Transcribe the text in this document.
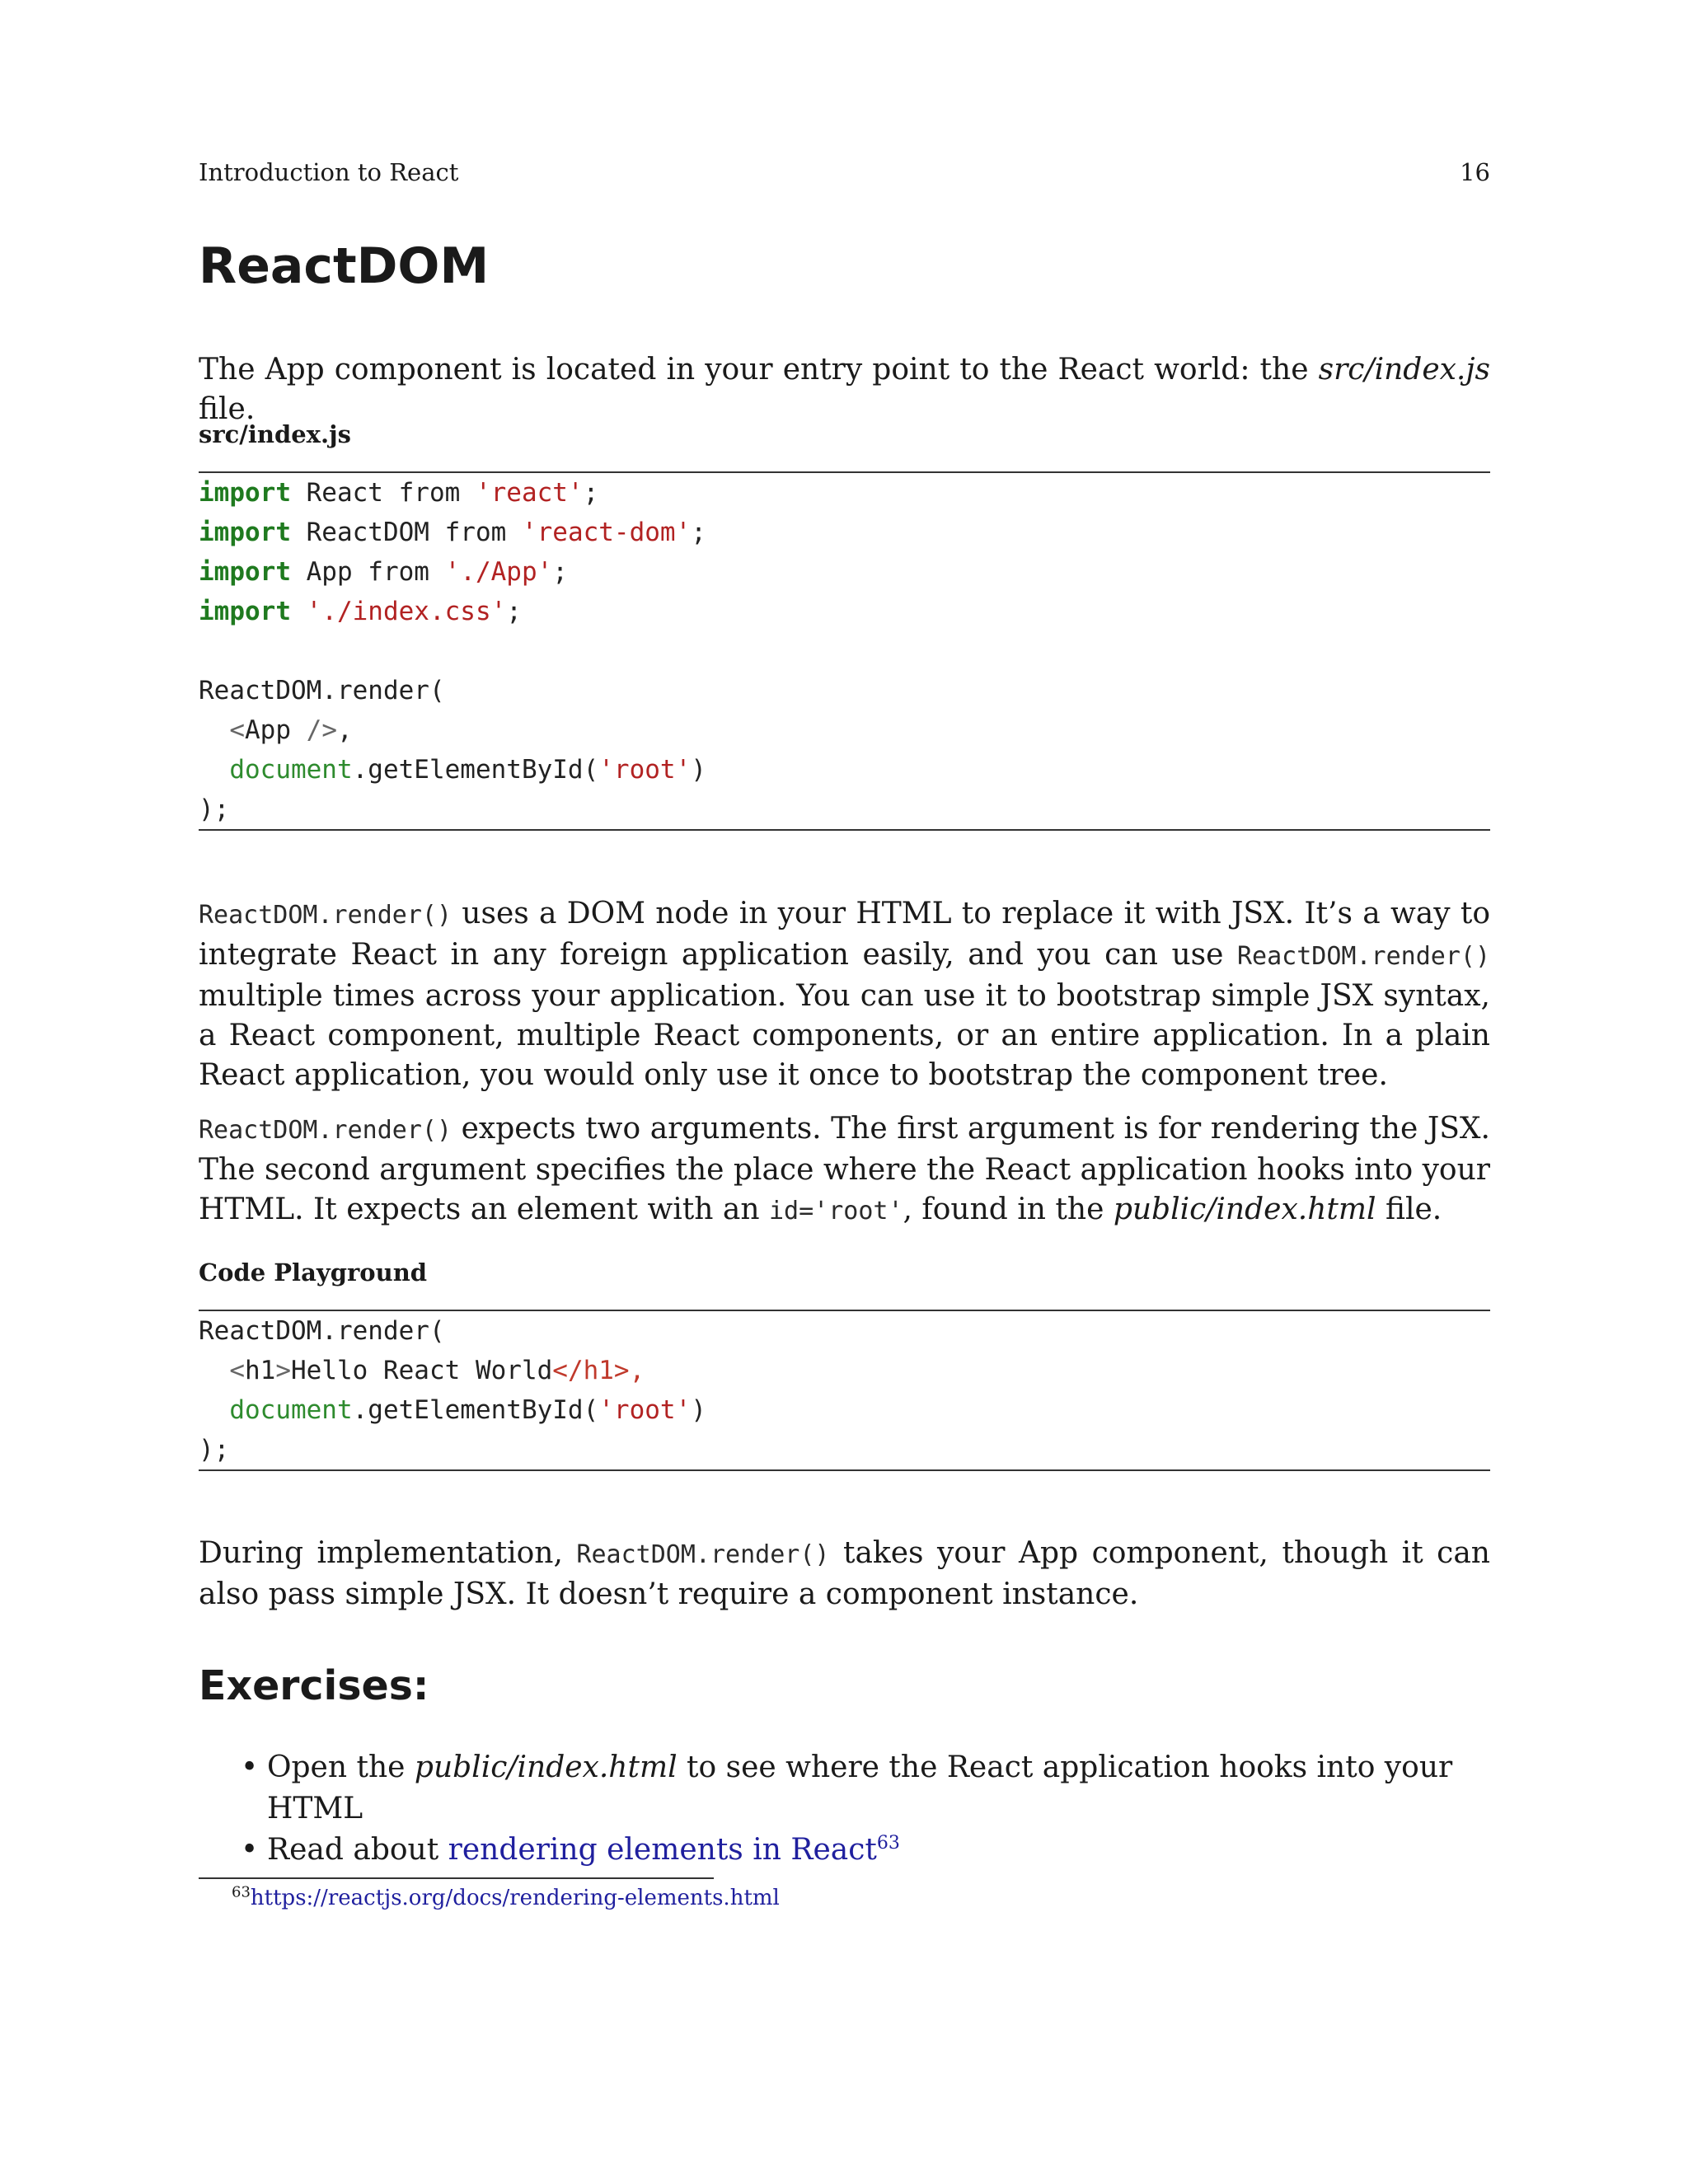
Introduction to React	16
ReactDOM

The App component is located in your entry point to the React world: the src/index.js file.

src/index.js
import React from 'react';
import ReactDOM from 'react-dom';
import App from './App';
import './index.css';
ReactDOM.render(
<App />,
document.getElementById('root')
);

ReactDOM.render() uses a DOM node in your HTML to replace it with JSX. It’s a way to integrate React in any foreign application easily, and you can use ReactDOM.render() multiple times across your application. You can use it to bootstrap simple JSX syntax, a React component, multiple React components, or an entire application. In a plain React application, you would only use it once to bootstrap the component tree.

ReactDOM.render() expects two arguments. The first argument is for rendering the JSX. The second argument specifies the place where the React application hooks into your HTML. It expects an element with an id='root', found in the public/index.html file.

Code Playground
ReactDOM.render(
<h1>Hello React World</h1>,
document.getElementById('root')
);

During implementation, ReactDOM.render() takes your App component, though it can also pass simple JSX. It doesn’t require a component instance.

Exercises:
• Open the public/index.html to see where the React application hooks into your HTML
• Read about rendering elements in React$^{63}$
$^{63}$https://reactjs.org/docs/rendering-elements.html
